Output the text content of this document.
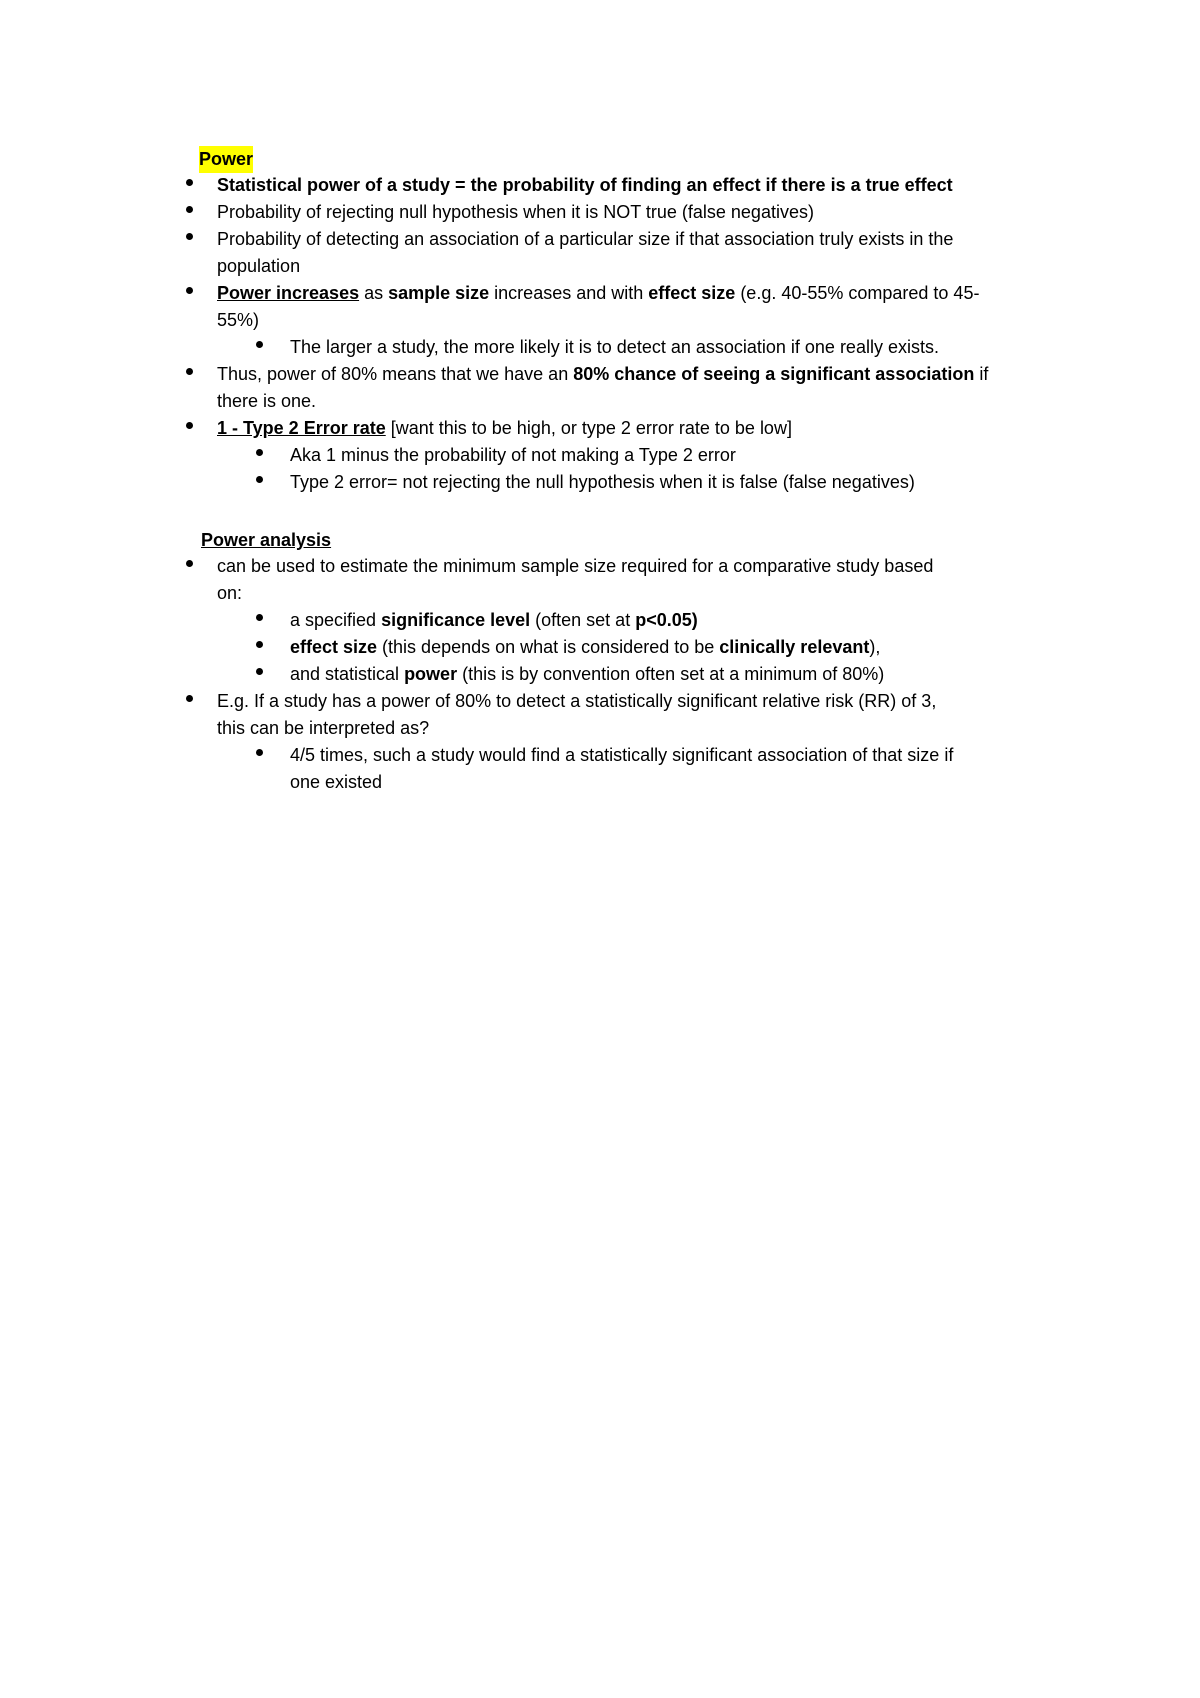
Power
Statistical power of a study = the probability of finding an effect if there is a true effect
Probability of rejecting null hypothesis when it is NOT true (false negatives)
Probability of detecting an association of a particular size if that association truly exists in the
population
Power increases as sample size increases and with effect size (e.g. 40-55% compared to 45-
55%)
The larger a study, the more likely it is to detect an association if one really exists.
Thus, power of 80% means that we have an 80% chance of seeing a significant association if
there is one.
1 - Type 2 Error rate [want this to be high, or type 2 error rate to be low]
Aka 1 minus the probability of not making a Type 2 error
Type 2 error= not rejecting the null hypothesis when it is false (false negatives)
Power analysis
can be used to estimate the minimum sample size required for a comparative study based
on:
a specified significance level (often set at p<0.05)
effect size (this depends on what is considered to be clinically relevant),
and statistical power (this is by convention often set at a minimum of 80%)
E.g. If a study has a power of 80% to detect a statistically significant relative risk (RR) of 3,
this can be interpreted as?
4/5 times, such a study would find a statistically significant association of that size if
one existed
